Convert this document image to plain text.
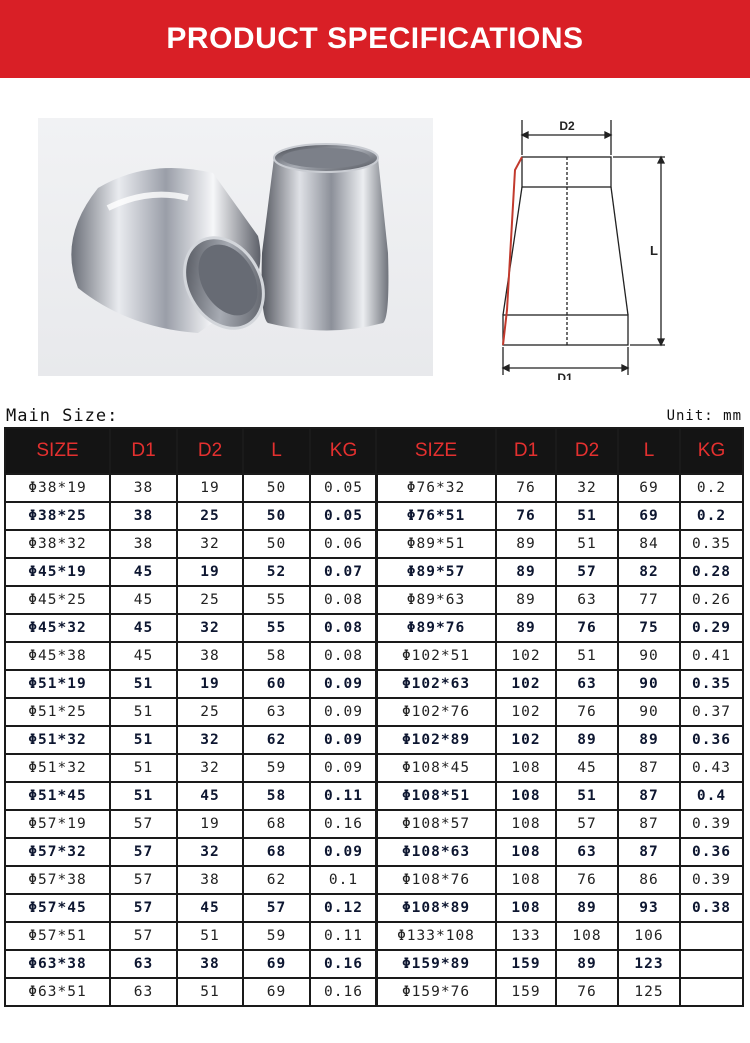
PRODUCT SPECIFICATIONS
D2
L
D1
Main Size:	Unit: mm
SIZE	D1	D2	L	KG
Φ38*19	38	19	50	0.05
Φ38*25	38	25	50	0.05
Φ38*32	38	32	50	0.06
Φ45*19	45	19	52	0.07
Φ45*25	45	25	55	0.08
Φ45*32	45	32	55	0.08
Φ45*38	45	38	58	0.08
Φ51*19	51	19	60	0.09
Φ51*25	51	25	63	0.09
Φ51*32	51	32	62	0.09
Φ51*32	51	32	59	0.09
Φ51*45	51	45	58	0.11
Φ57*19	57	19	68	0.16
Φ57*32	57	32	68	0.09
Φ57*38	57	38	62	0.1
Φ57*45	57	45	57	0.12
Φ57*51	57	51	59	0.11
Φ63*38	63	38	69	0.16
Φ63*51	63	51	69	0.16
SIZE	D1	D2	L	KG
Φ76*32	76	32	69	0.2
Φ76*51	76	51	69	0.2
Φ89*51	89	51	84	0.35
Φ89*57	89	57	82	0.28
Φ89*63	89	63	77	0.26
Φ89*76	89	76	75	0.29
Φ102*51	102	51	90	0.41
Φ102*63	102	63	90	0.35
Φ102*76	102	76	90	0.37
Φ102*89	102	89	89	0.36
Φ108*45	108	45	87	0.43
Φ108*51	108	51	87	0.4
Φ108*57	108	57	87	0.39
Φ108*63	108	63	87	0.36
Φ108*76	108	76	86	0.39
Φ108*89	108	89	93	0.38
Φ133*108	133	108	106	
Φ159*89	159	89	123	
Φ159*76	159	76	125	
